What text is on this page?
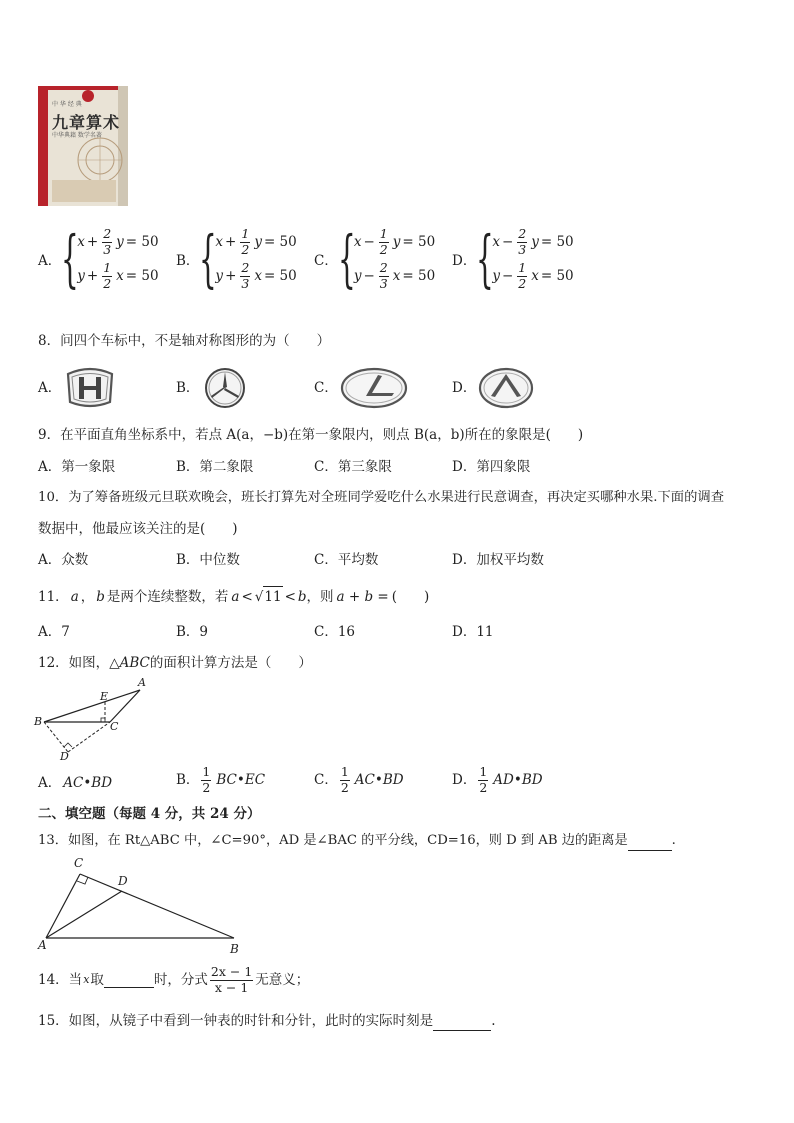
中 华 经 典
九章算术
中华典籍 数学名著
A． {
$x + \frac{2}{3}$ y = 50
$y + \frac{1}{2}$ x = 50
B． {
$x + \frac{1}{2}$ y = 50
$y + \frac{2}{3}$ x = 50
C． {
$x - \frac{1}{2}$ y = 50
$y - \frac{2}{3}$ x = 50
D． {
$x - \frac{2}{3}$ y = 50
$y - \frac{1}{2}$ x = 50
8．问四个车标中，不是轴对称图形的为（　　）
A．	B．	C．	D．
9．在平面直角坐标系中，若点 A(a，−b)在第一象限内，则点 B(a，b)所在的象限是(　　)
A．第一象限	B．第二象限	C．第三象限	D．第四象限
10．为了筹备班级元旦联欢晚会，班长打算先对全班同学爱吃什么水果进行民意调查，再决定买哪种水果.下面的调查
数据中，他最应该关注的是(　　)
A．众数	B．中位数	C．平均数	D．加权平均数
11． a ， b 是两个连续整数，若 a < √ 11 < b ，则 a + b = (　　)
A．7	B．9	C．16	D．11
12．如图，△ABC的面积计算方法是（　　）
A
B	C
D
E
A． AC•BD	B． $\frac{1}{2}$ BC•EC	C． $\frac{1}{2}$ AC•BD	D． $\frac{1}{2}$ AD•BD
二、填空题（每题 4 分，共 24 分）
13．如图，在 Rt△ABC 中，∠C=90°，AD 是∠BAC 的平分线，CD=16，则 D 到 AB 边的距离是	.
C
D
A	B
14．当 x 取	时，分式 $\frac{2x - 1}{x - 1}$ 无意义；
15．如图，从镜子中看到一钟表的时针和分针，此时的实际时刻是	.
